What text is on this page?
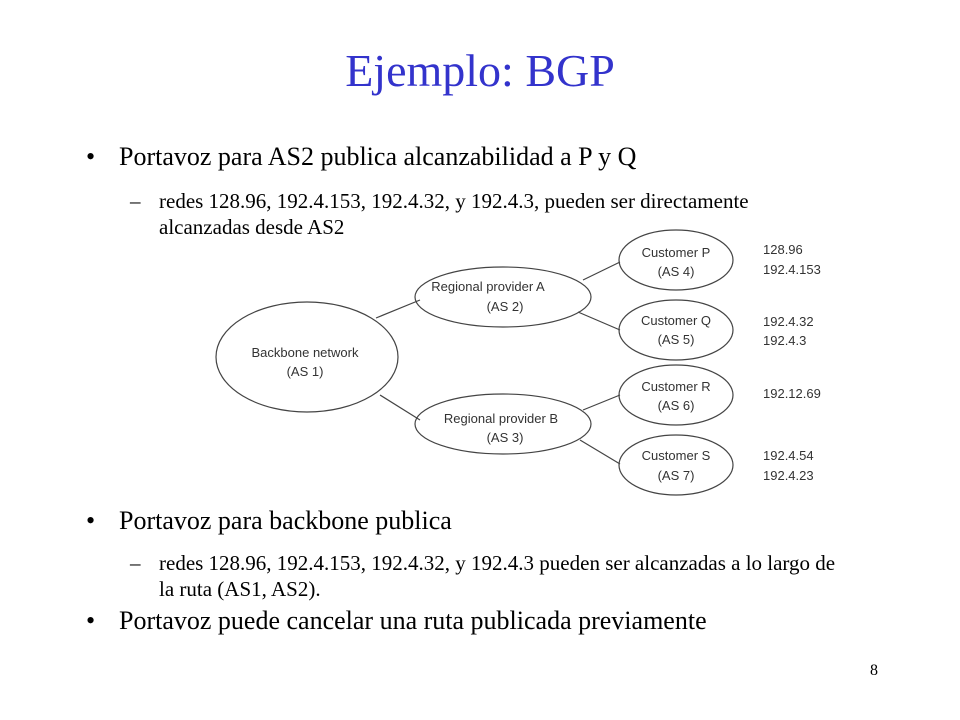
Ejemplo: BGP
• Portavoz para AS2 publica alcanzabilidad a P y Q
– redes 128.96, 192.4.153, 192.4.32, y 192.4.3, pueden ser directamente alcanzadas desde AS2
Backbone network
(AS 1)
Regional provider A
(AS 2)
Regional provider B
(AS 3)
Customer P
(AS 4)
Customer Q
(AS 5)
Customer R
(AS 6)
Customer S
(AS 7)
128.96
192.4.153
192.4.32
192.4.3
192.12.69
192.4.54
192.4.23
• Portavoz para backbone publica
– redes 128.96, 192.4.153, 192.4.32, y 192.4.3 pueden ser alcanzadas a lo largo de la ruta (AS1, AS2).
• Portavoz puede cancelar una ruta publicada previamente
8
